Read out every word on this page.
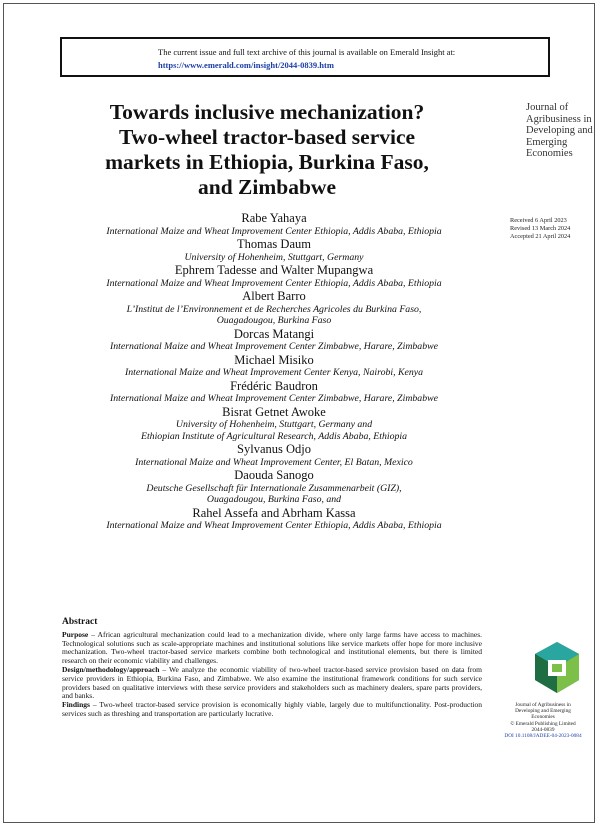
The current issue and full text archive of this journal is available on Emerald Insight at:
https://www.emerald.com/insight/2044-0839.htm
Towards inclusive mechanization?
Two-wheel tractor-based service
markets in Ethiopia, Burkina Faso,
and Zimbabwe
Journal of
Agribusiness in
Developing and
Emerging
Economies
Received 6 April 2023
Revised 13 March 2024
Accepted 21 April 2024
Rabe Yahaya
International Maize and Wheat Improvement Center Ethiopia, Addis Ababa, Ethiopia
Thomas Daum
University of Hohenheim, Stuttgart, Germany
Ephrem Tadesse and Walter Mupangwa
International Maize and Wheat Improvement Center Ethiopia, Addis Ababa, Ethiopia
Albert Barro
L’Institut de l’Environnement et de Recherches Agricoles du Burkina Faso,
Ouagadougou, Burkina Faso
Dorcas Matangi
International Maize and Wheat Improvement Center Zimbabwe, Harare, Zimbabwe
Michael Misiko
International Maize and Wheat Improvement Center Kenya, Nairobi, Kenya
Frédéric Baudron
International Maize and Wheat Improvement Center Zimbabwe, Harare, Zimbabwe
Bisrat Getnet Awoke
University of Hohenheim, Stuttgart, Germany and
Ethiopian Institute of Agricultural Research, Addis Ababa, Ethiopia
Sylvanus Odjo
International Maize and Wheat Improvement Center, El Batan, Mexico
Daouda Sanogo
Deutsche Gesellschaft für Internationale Zusammenarbeit (GIZ),
Ouagadougou, Burkina Faso, and
Rahel Assefa and Abrham Kassa
International Maize and Wheat Improvement Center Ethiopia, Addis Ababa, Ethiopia
Abstract

Purpose – African agricultural mechanization could lead to a mechanization divide, where only large farms have access to machines. Technological solutions such as scale-appropriate machines and institutional solutions like service markets offer hope for more inclusive mechanization. Two-wheel tractor-based service markets combine both technological and institutional elements, but there is limited research on their economic viability and challenges.

Design/methodology/approach – We analyze the economic viability of two-wheel tractor-based service provision based on data from service providers in Ethiopia, Burkina Faso, and Zimbabwe. We also examine the institutional framework conditions for such service providers based on qualitative interviews with these service providers and stakeholders such as machinery dealers, spare parts providers, and banks.

Findings – Two-wheel tractor-based service provision is economically highly viable, largely due to multifunctionality. Post-production services such as threshing and transportation are particularly lucrative.

Journal of Agribusiness in
Developing and Emerging
Economies
© Emerald Publishing Limited
2044-0839
DOI 10.1108/JADEE-04-2023-0084
